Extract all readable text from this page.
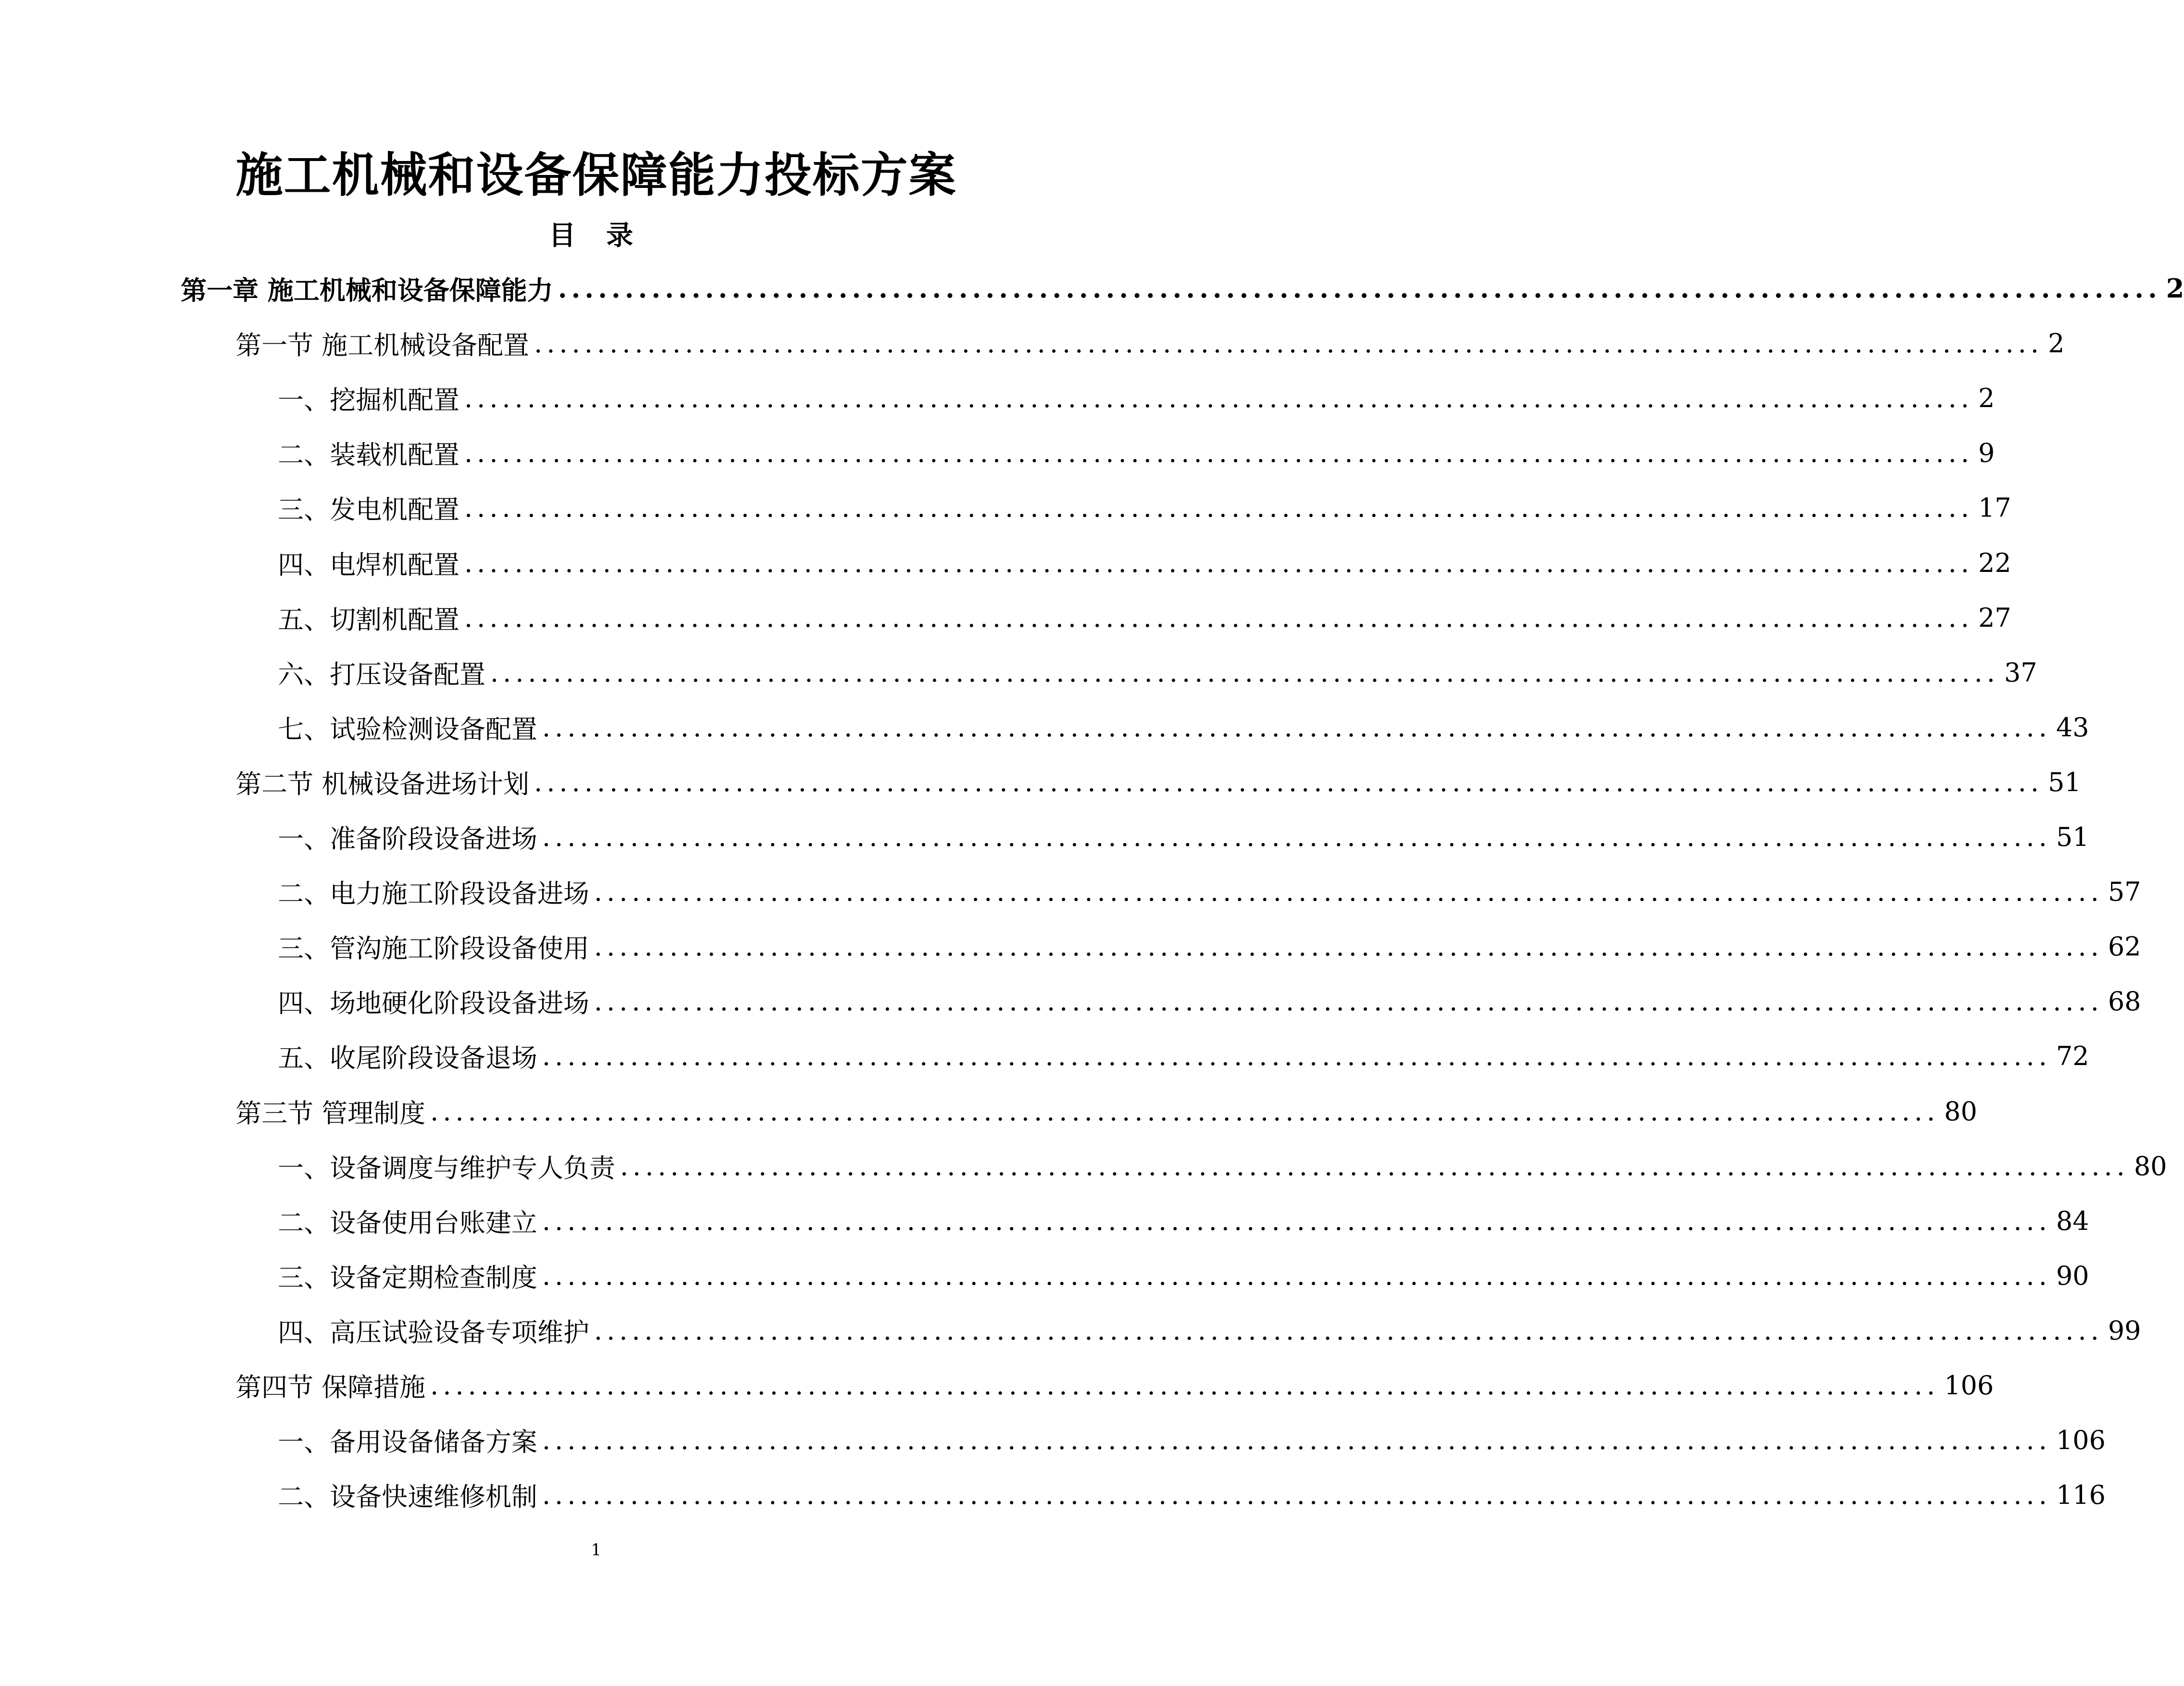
施工机械和设备保障能力投标方案
目 录
第一章 施工机械和设备保障能力 ........................................................................................................................ 2
第一节 施工机械设备配置 ........................................................................................................................ 2
一、挖掘机配置 ........................................................................................................................ 2
二、装载机配置 ........................................................................................................................ 9
三、发电机配置 ........................................................................................................................ 17
四、电焊机配置 ........................................................................................................................ 22
五、切割机配置 ........................................................................................................................ 27
六、打压设备配置 ........................................................................................................................ 37
七、试验检测设备配置 ........................................................................................................................ 43
第二节 机械设备进场计划 ........................................................................................................................ 51
一、准备阶段设备进场 ........................................................................................................................ 51
二、电力施工阶段设备进场 ........................................................................................................................ 57
三、管沟施工阶段设备使用 ........................................................................................................................ 62
四、场地硬化阶段设备进场 ........................................................................................................................ 68
五、收尾阶段设备退场 ........................................................................................................................ 72
第三节 管理制度 ........................................................................................................................ 80
一、设备调度与维护专人负责 ........................................................................................................................ 80
二、设备使用台账建立 ........................................................................................................................ 84
三、设备定期检查制度 ........................................................................................................................ 90
四、高压试验设备专项维护 ........................................................................................................................ 99
第四节 保障措施 ........................................................................................................................ 106
一、备用设备储备方案 ........................................................................................................................ 106
二、设备快速维修机制 ........................................................................................................................ 116
1
